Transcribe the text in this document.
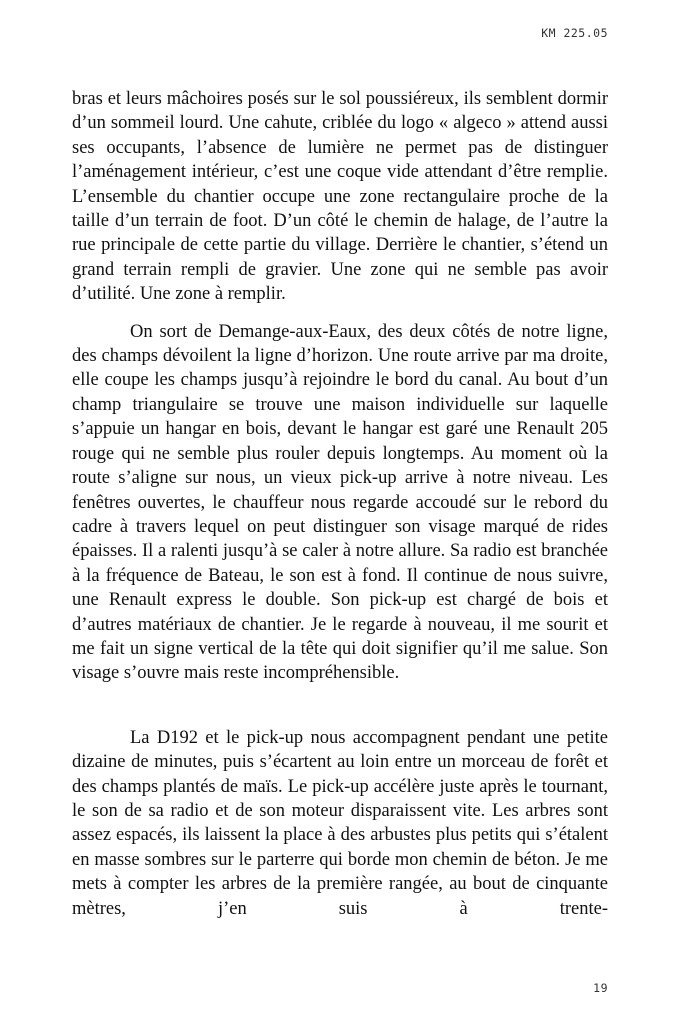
KM 225.05

bras et leurs mâchoires posés sur le sol poussiéreux, ils semblent dormir d’un sommeil lourd. Une cahute, criblée du logo « algeco » attend aussi ses occupants, l’absence de lumière ne permet pas de distinguer l’aménagement intérieur, c’est une coque vide attendant d’être remplie. L’ensemble du chantier occupe une zone rectangulaire proche de la taille d’un terrain de foot. D’un côté le chemin de halage, de l’autre la rue principale de cette partie du village. Derrière le chantier, s’étend un grand terrain rempli de gravier. Une zone qui ne semble pas avoir d’utilité. Une zone à remplir.

On sort de Demange-aux-Eaux, des deux côtés de notre ligne, des champs dévoilent la ligne d’horizon. Une route arrive par ma droite, elle coupe les champs jusqu’à rejoindre le bord du canal. Au bout d’un champ triangulaire se trouve une maison individuelle sur laquelle s’appuie un hangar en bois, devant le hangar est garé une Renault 205 rouge qui ne semble plus rouler depuis longtemps. Au moment où la route s’aligne sur nous, un vieux pick-up arrive à notre niveau. Les fenêtres ouvertes, le chauffeur nous regarde accoudé sur le rebord du cadre à travers lequel on peut distinguer son visage marqué de rides épaisses. Il a ralenti jusqu’à se caler à notre allure. Sa radio est branchée à la fréquence de Bateau, le son est à fond. Il continue de nous suivre, une Renault express le double. Son pick-up est chargé de bois et d’autres matériaux de chantier. Je le regarde à nouveau, il me sourit et me fait un signe vertical de la tête qui doit signifier qu’il me salue. Son visage s’ouvre mais reste incompréhensible.

La D192 et le pick-up nous accompagnent pendant une petite dizaine de minutes, puis s’écartent au loin entre un morceau de forêt et des champs plantés de maïs. Le pick-up accélère juste après le tournant, le son de sa radio et de son moteur disparaissent vite. Les arbres sont assez espacés, ils laissent la place à des arbustes plus petits qui s’étalent en masse sombres sur le parterre qui borde mon chemin de béton. Je me mets à compter les arbres de la première rangée, au bout de cinquante mètres, j’en suis à trente-

19
